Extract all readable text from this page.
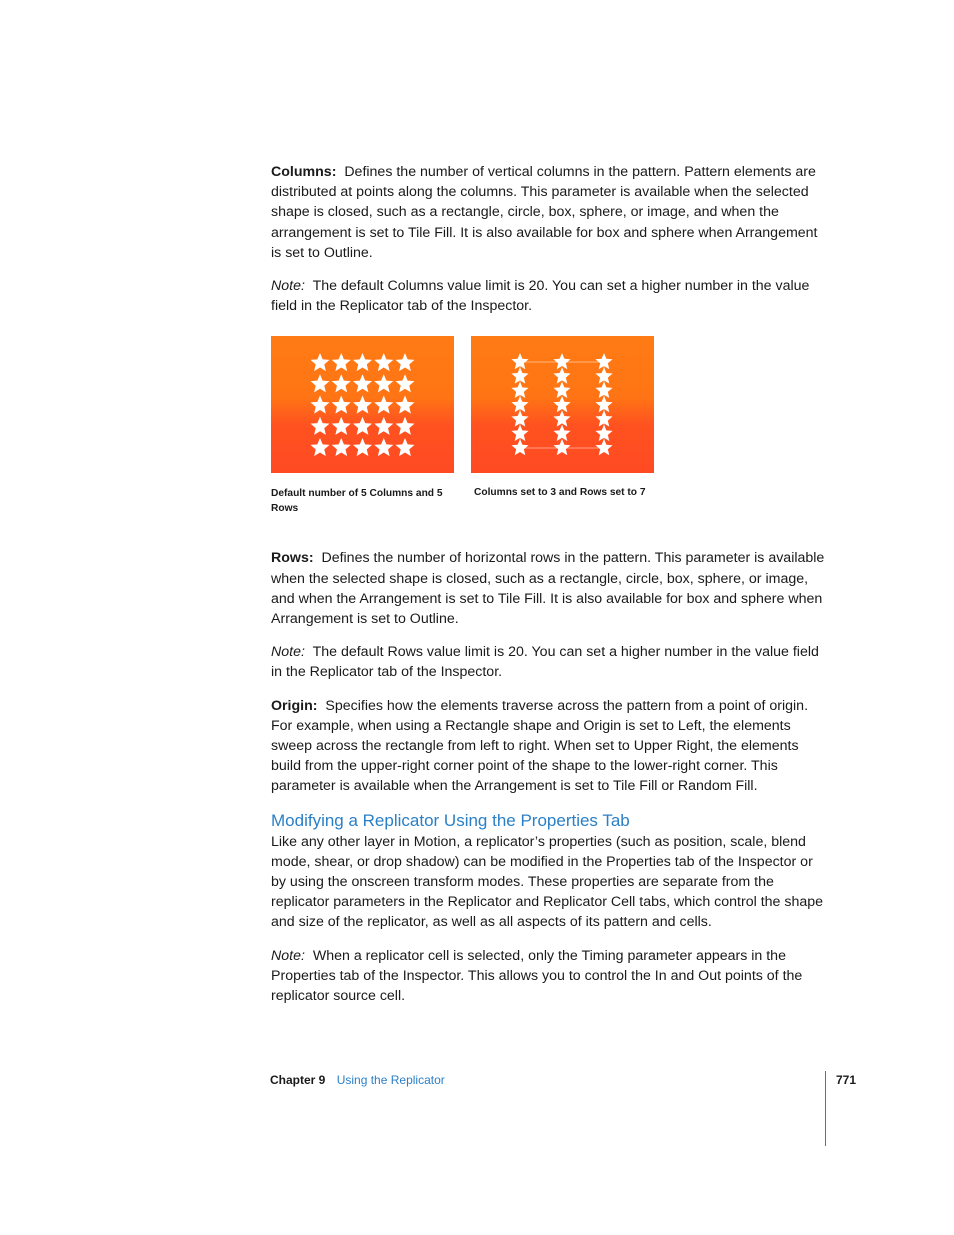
Columns: Defines the number of vertical columns in the pattern. Pattern elements are distributed at points along the columns. This parameter is available when the selected shape is closed, such as a rectangle, circle, box, sphere, or image, and when the arrangement is set to Tile Fill. It is also available for box and sphere when Arrangement is set to Outline.

Note: The default Columns value limit is 20. You can set a higher number in the value field in the Replicator tab of the Inspector.

Default number of 5 Columns and 5 Rows
Columns set to 3 and Rows set to 7

Rows: Defines the number of horizontal rows in the pattern. This parameter is available when the selected shape is closed, such as a rectangle, circle, box, sphere, or image, and when the Arrangement is set to Tile Fill. It is also available for box and sphere when Arrangement is set to Outline.

Note: The default Rows value limit is 20. You can set a higher number in the value field in the Replicator tab of the Inspector.

Origin: Specifies how the elements traverse across the pattern from a point of origin. For example, when using a Rectangle shape and Origin is set to Left, the elements sweep across the rectangle from left to right. When set to Upper Right, the elements build from the upper-right corner point of the shape to the lower-right corner. This parameter is available when the Arrangement is set to Tile Fill or Random Fill.

Modifying a Replicator Using the Properties Tab

Like any other layer in Motion, a replicator’s properties (such as position, scale, blend mode, shear, or drop shadow) can be modified in the Properties tab of the Inspector or by using the onscreen transform modes. These properties are separate from the replicator parameters in the Replicator and Replicator Cell tabs, which control the shape and size of the replicator, as well as all aspects of its pattern and cells.

Note: When a replicator cell is selected, only the Timing parameter appears in the Properties tab of the Inspector. This allows you to control the In and Out points of the replicator source cell.

Chapter 9 Using the Replicator	771
